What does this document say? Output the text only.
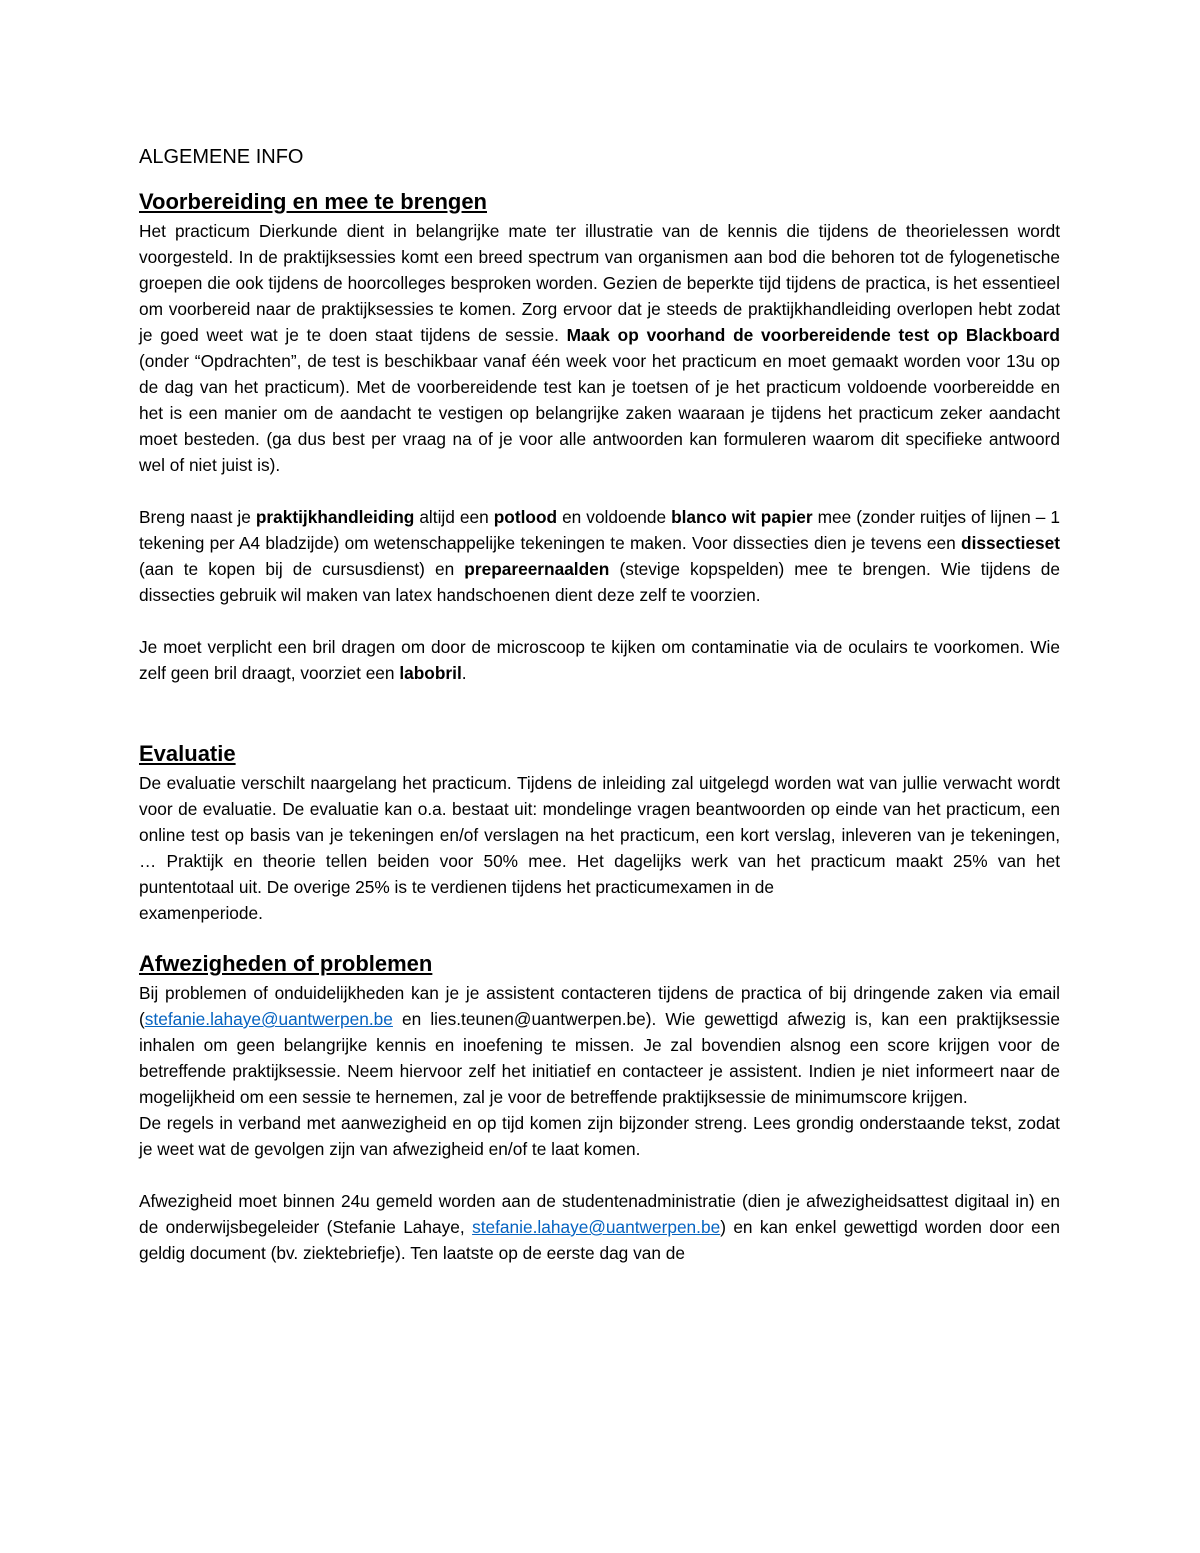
ALGEMENE INFO
Voorbereiding en mee te brengen

Het practicum Dierkunde dient in belangrijke mate ter illustratie van de kennis die tijdens de theorielessen wordt voorgesteld. In de praktijksessies komt een breed spectrum van organismen aan bod die behoren tot de fylogenetische groepen die ook tijdens de hoorcolleges besproken worden. Gezien de beperkte tijd tijdens de practica, is het essentieel om voorbereid naar de praktijksessies te komen. Zorg ervoor dat je steeds de praktijkhandleiding overlopen hebt zodat je goed weet wat je te doen staat tijdens de sessie. Maak op voorhand de voorbereidende test op Blackboard (onder “Opdrachten”, de test is beschikbaar vanaf één week voor het practicum en moet gemaakt worden voor 13u op de dag van het practicum). Met de voorbereidende test kan je toetsen of je het practicum voldoende voorbereidde en het is een manier om de aandacht te vestigen op belangrijke zaken waaraan je tijdens het practicum zeker aandacht moet besteden. (ga dus best per vraag na of je voor alle antwoorden kan formuleren waarom dit specifieke antwoord wel of niet juist is).

Breng naast je praktijkhandleiding altijd een potlood en voldoende blanco wit papier mee (zonder ruitjes of lijnen – 1 tekening per A4 bladzijde) om wetenschappelijke tekeningen te maken. Voor dissecties dien je tevens een dissectieset (aan te kopen bij de cursusdienst) en prepareernaalden (stevige kopspelden) mee te brengen. Wie tijdens de dissecties gebruik wil maken van latex handschoenen dient deze zelf te voorzien.

Je moet verplicht een bril dragen om door de microscoop te kijken om contaminatie via de oculairs te voorkomen. Wie zelf geen bril draagt, voorziet een labobril.

Evaluatie

De evaluatie verschilt naargelang het practicum. Tijdens de inleiding zal uitgelegd worden wat van jullie verwacht wordt voor de evaluatie. De evaluatie kan o.a. bestaat uit: mondelinge vragen beantwoorden op einde van het practicum, een online test op basis van je tekeningen en/of verslagen na het practicum, een kort verslag, inleveren van je tekeningen, … Praktijk en theorie tellen beiden voor 50% mee. Het dagelijks werk van het practicum maakt 25% van het puntentotaal uit. De overige 25% is te verdienen tijdens het practicumexamen in de

examenperiode.

Afwezigheden of problemen

Bij problemen of onduidelijkheden kan je je assistent contacteren tijdens de practica of bij dringende zaken via email (stefanie.lahaye@uantwerpen.be en lies.teunen@uantwerpen.be). Wie gewettigd afwezig is, kan een praktijksessie inhalen om geen belangrijke kennis en inoefening te missen. Je zal bovendien alsnog een score krijgen voor de betreffende praktijksessie. Neem hiervoor zelf het initiatief en contacteer je assistent. Indien je niet informeert naar de mogelijkheid om een sessie te hernemen, zal je voor de betreffende praktijksessie de minimumscore krijgen.

De regels in verband met aanwezigheid en op tijd komen zijn bijzonder streng. Lees grondig onderstaande tekst, zodat je weet wat de gevolgen zijn van afwezigheid en/of te laat komen.

Afwezigheid moet binnen 24u gemeld worden aan de studentenadministratie (dien je afwezigheidsattest digitaal in) en de onderwijsbegeleider (Stefanie Lahaye, stefanie.lahaye@uantwerpen.be) en kan enkel gewettigd worden door een geldig document (bv. ziektebriefje). Ten laatste op de eerste dag van de
